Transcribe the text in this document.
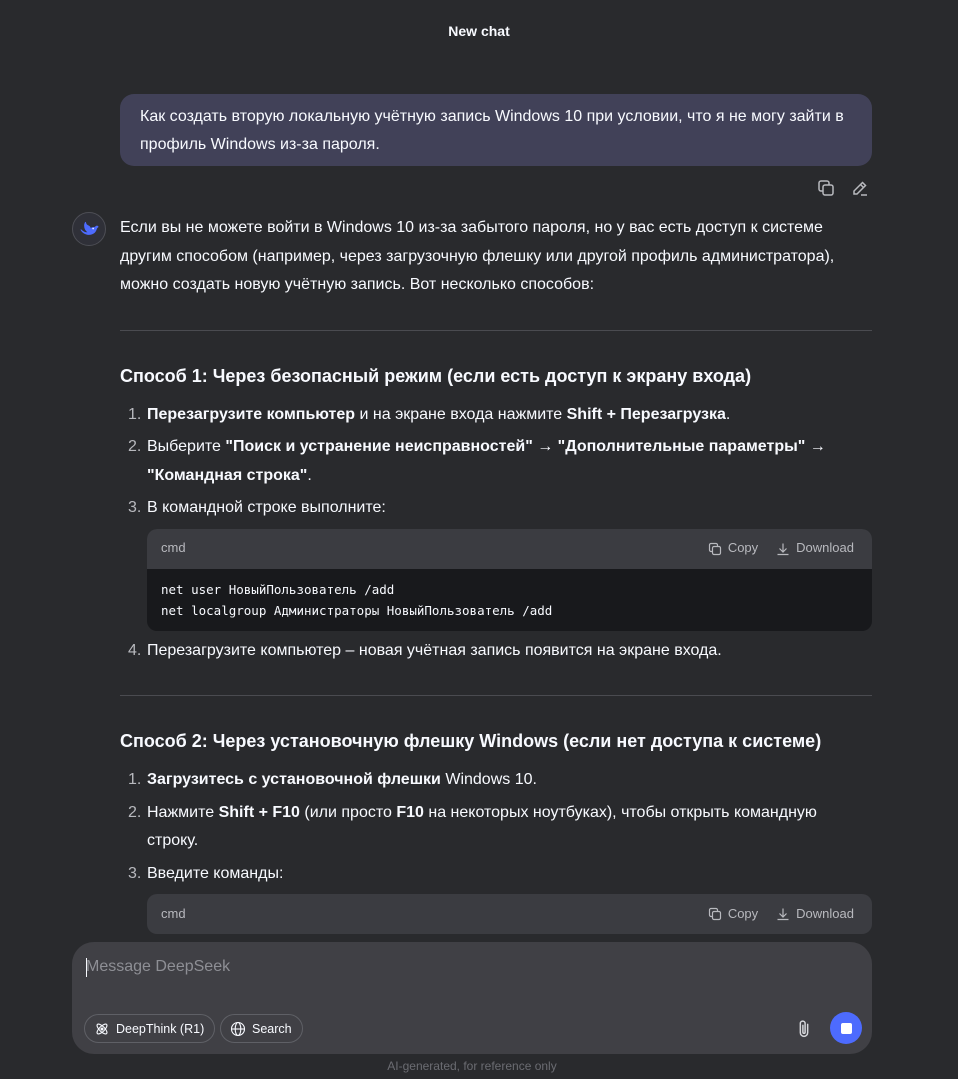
New chat
Как создать вторую локальную учётную запись Windows 10 при условии, что я не могу зайти в профиль Windows из-за пароля.

Если вы не можете войти в Windows 10 из-за забытого пароля, но у вас есть доступ к системе другим способом (например, через загрузочную флешку или другой профиль администратора), можно создать новую учётную запись. Вот несколько способов:

Способ 1: Через безопасный режим (если есть доступ к экрану входа)
1. Перезагрузите компьютер и на экране входа нажмите Shift + Перезагрузка.
2. Выберите "Поиск и устранение неисправностей" → "Дополнительные параметры" → "Командная строка".
3. В командной строке выполните:
cmd	Copy	Download
net user НовыйПользователь /add
net localgroup Администраторы НовыйПользователь /add
4. Перезагрузите компьютер – новая учётная запись появится на экране входа.
Способ 2: Через установочную флешку Windows (если нет доступа к системе)
1. Загрузитесь с установочной флешки Windows 10.
2. Нажмите Shift + F10 (или просто F10 на некоторых ноутбуках), чтобы открыть командную строку.
3. Введите команды:
cmd	Copy	Download
Message DeepSeek
DeepThink (R1)	Search
AI-generated, for reference only
